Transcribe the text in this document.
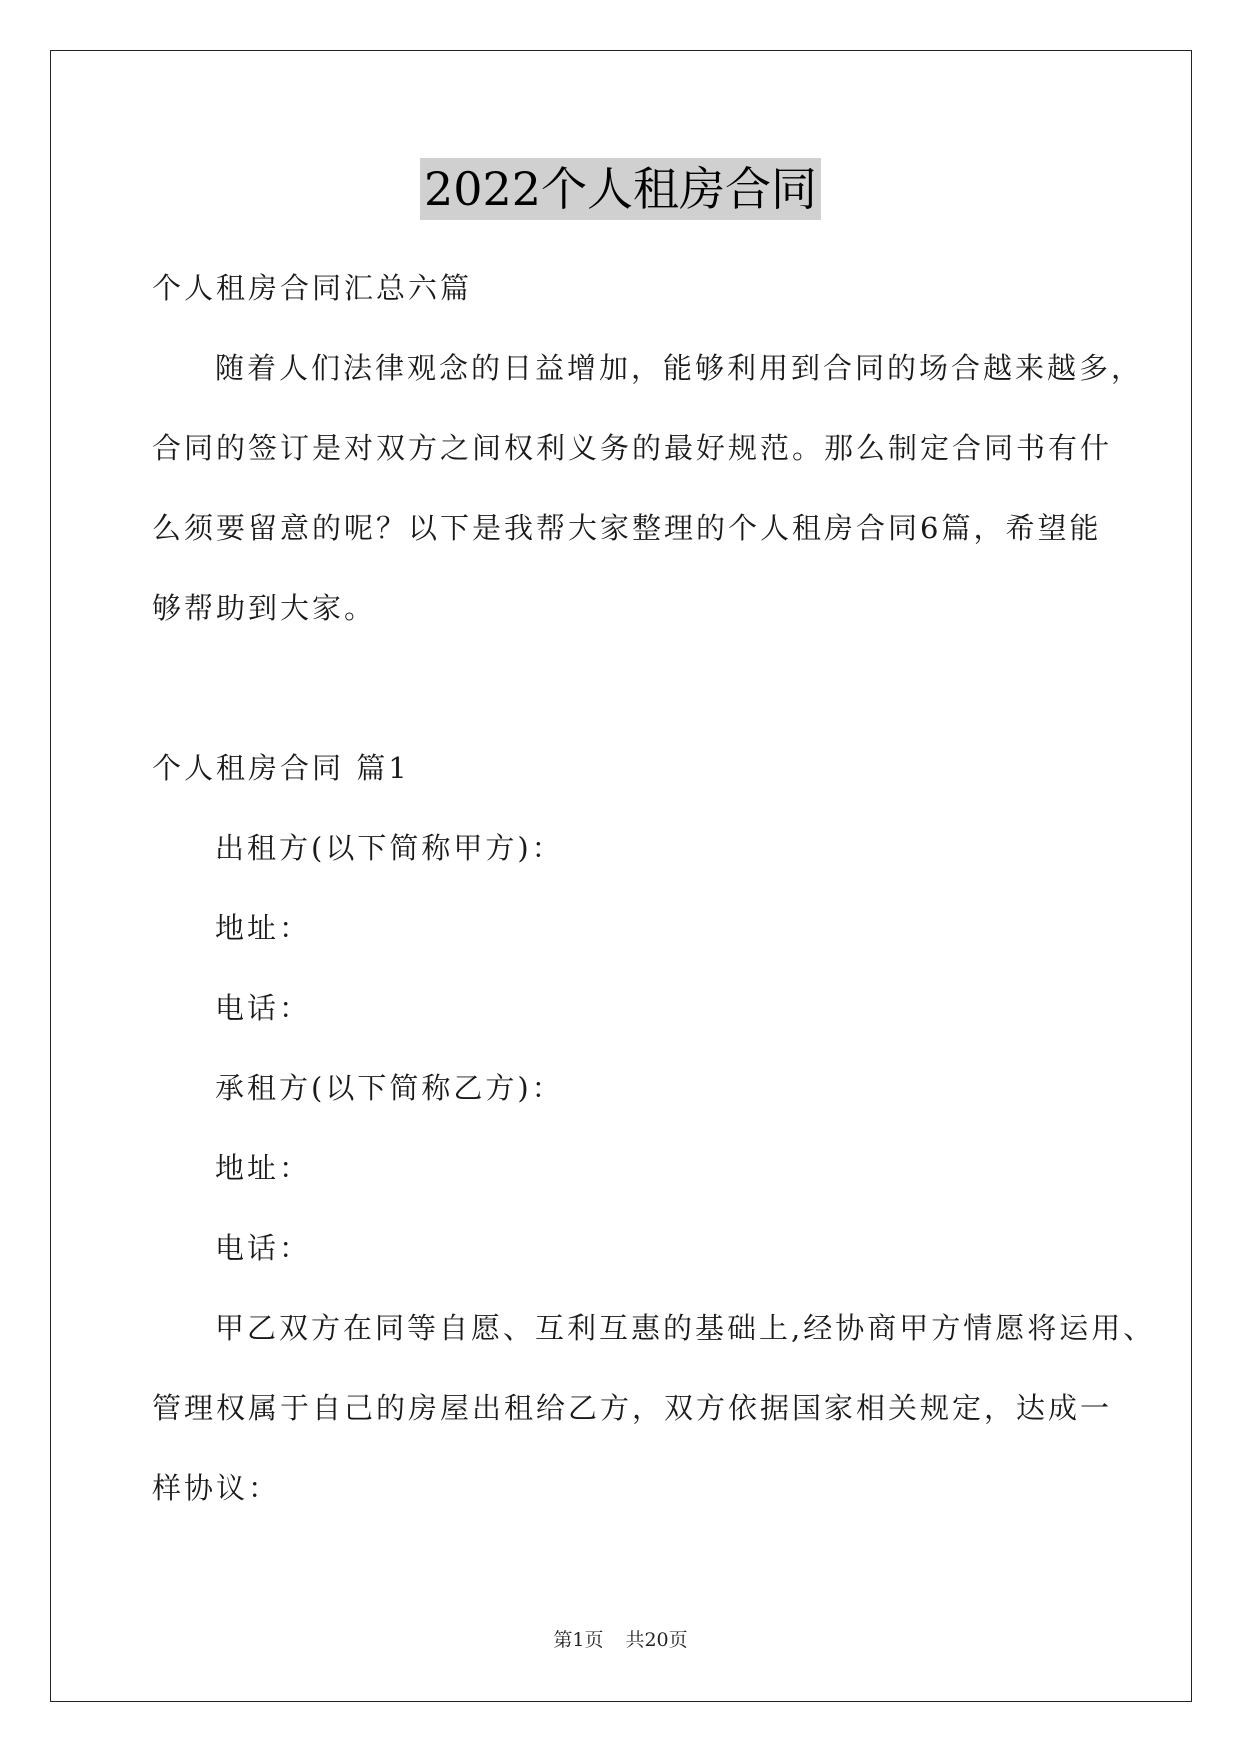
2022个人租房合同
个人租房合同汇总六篇
随着人们法律观念的日益增加，能够利用到合同的场合越来越多，
合同的签订是对双方之间权利义务的最好规范。那么制定合同书有什
么须要留意的呢？以下是我帮大家整理的个人租房合同6篇，希望能
够帮助到大家。
个人租房合同 篇1
出租方(以下简称甲方)：
地址：
电话：
承租方(以下简称乙方)：
地址：
电话：
甲乙双方在同等自愿、互利互惠的基础上,经协商甲方情愿将运用、
管理权属于自己的房屋出租给乙方，双方依据国家相关规定，达成一
样协议：
第1页 共20页
